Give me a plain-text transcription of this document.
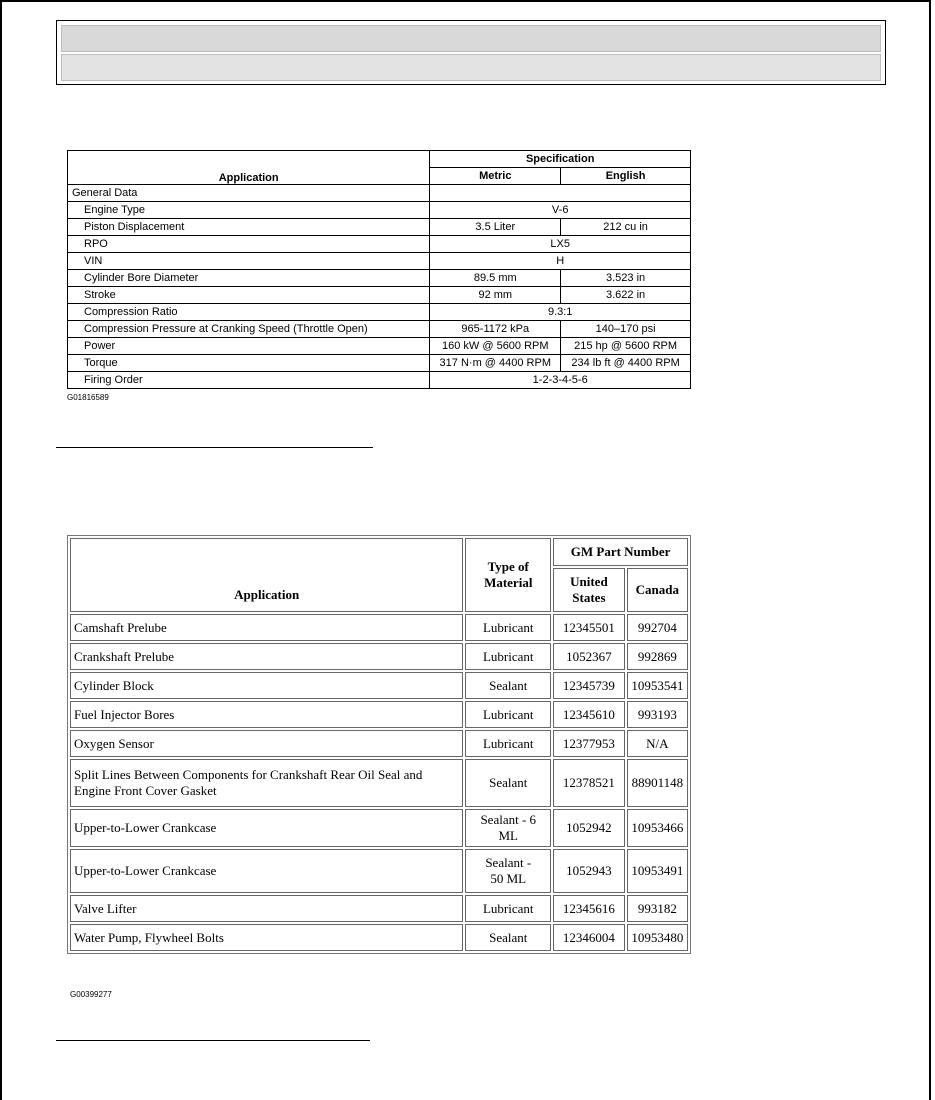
Application	Specification	
	Metric	English
General Data		
Engine Type	V-6	
Piston Displacement	3.5 Liter	212 cu in
RPO	LX5	
VIN	H	
Cylinder Bore Diameter	89.5 mm	3.523 in
Stroke	92 mm	3.622 in
Compression Ratio	9.3:1	
Compression Pressure at Cranking Speed (Throttle Open)	965-1172 kPa	140–170 psi
Power	160 kW @ 5600 RPM	215 hp @ 5600 RPM
Torque	317 N·m @ 4400 RPM	234 lb ft @ 4400 RPM
Firing Order	1-2-3-4-5-6	
G01816589
Application	Type of Material	GM Part Number	
		United States	Canada
Camshaft Prelube	Lubricant	12345501	992704
Crankshaft Prelube	Lubricant	1052367	992869
Cylinder Block	Sealant	12345739	10953541
Fuel Injector Bores	Lubricant	12345610	993193
Oxygen Sensor	Lubricant	12377953	N/A
Split Lines Between Components for Crankshaft Rear Oil Seal and Engine Front Cover Gasket	Sealant	12378521	88901148
Upper-to-Lower Crankcase	Sealant - 6 ML	1052942	10953466
Upper-to-Lower Crankcase	Sealant - 50 ML	1052943	10953491
Valve Lifter	Lubricant	12345616	993182
Water Pump, Flywheel Bolts	Sealant	12346004	10953480
G00399277
